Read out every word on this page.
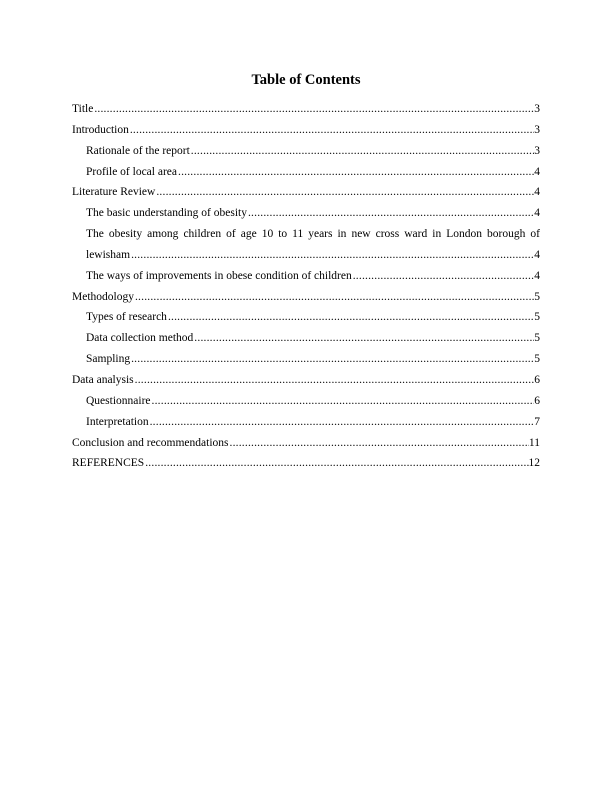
Table of Contents
Title .....	3
Introduction .....	3
Rationale of the report .....	3
Profile of local area .....	4
Literature Review .....	4
The basic understanding of obesity .....	4
The obesity among children of age 10 to 11 years in new cross ward in London borough of
lewisham .....	4
The ways of improvements in obese condition of children .....	4
Methodology .....	5
Types of research .....	5
Data collection method .....	5
Sampling .....	5
Data analysis .....	6
Questionnaire .....	6
Interpretation .....	7
Conclusion and recommendations .....	11
REFERENCES .....	12
